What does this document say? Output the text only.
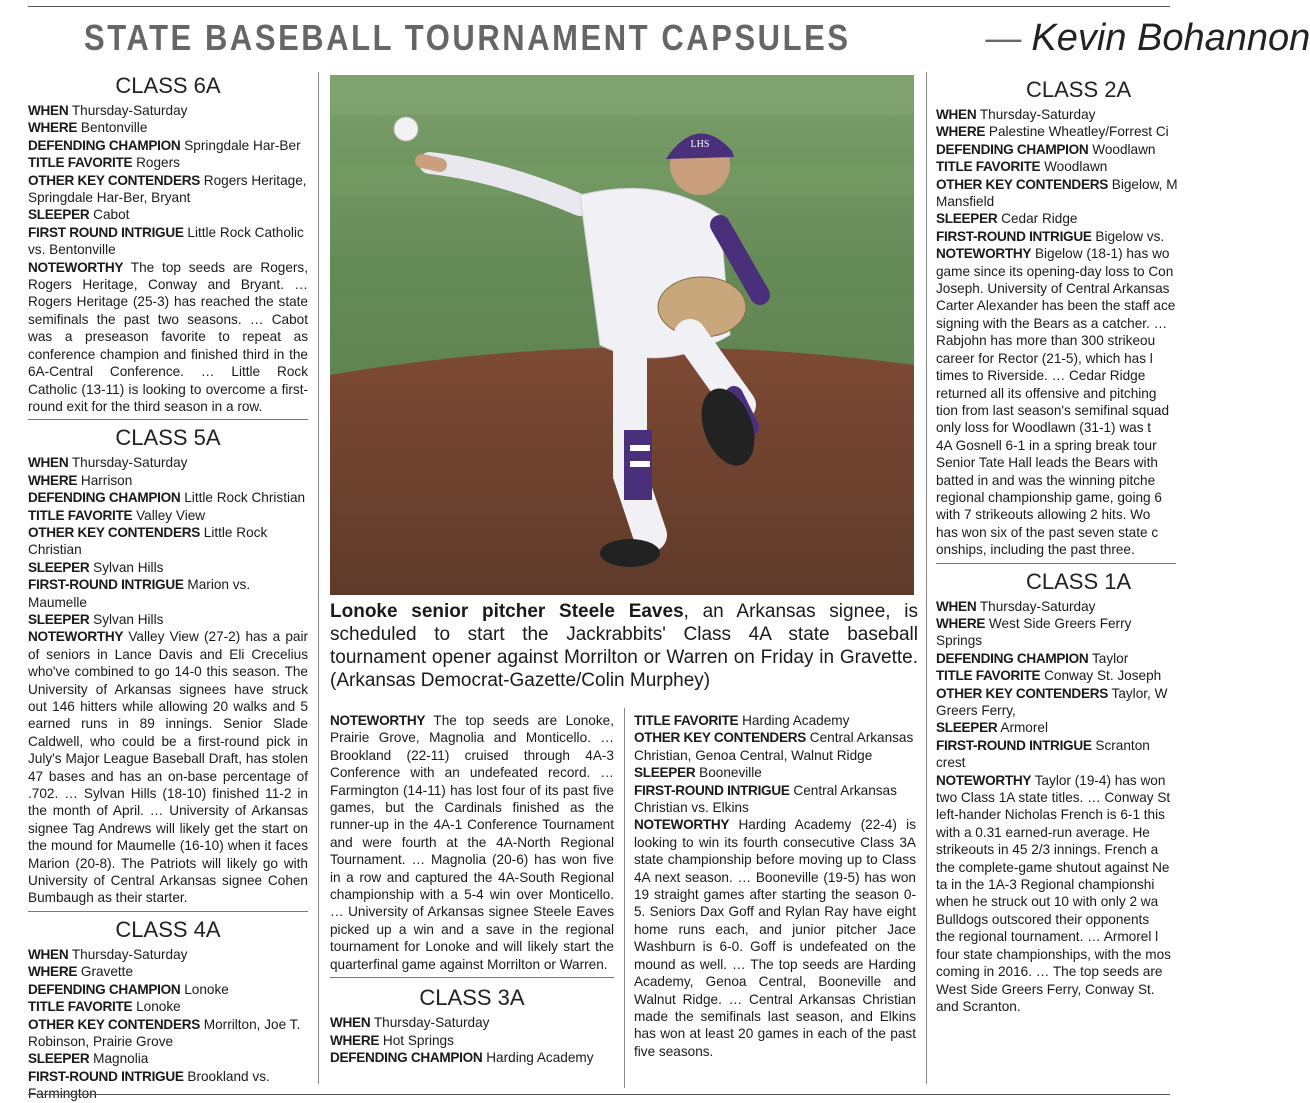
STATE BASEBALL TOURNAMENT CAPSULES	— Kevin Bohannon
CLASS 6A

WHEN Thursday-Saturday

WHERE Bentonville

DEFENDING CHAMPION Springdale Har-Ber

TITLE FAVORITE Rogers

OTHER KEY CONTENDERS Rogers Heritage, Springdale Har-Ber, Bryant

SLEEPER Cabot

FIRST ROUND INTRIGUE Little Rock Catholic vs. Bentonville

NOTEWORTHY The top seeds are Rogers, Rogers Heritage, Conway and Bryant. … Rogers Heritage (25-3) has reached the state semifinals the past two seasons. … Cabot was a preseason favorite to repeat as conference champion and finished third in the 6A-Central Conference. … Little Rock Catholic (13-11) is looking to overcome a first-round exit for the third season in a row.

CLASS 5A

WHEN Thursday-Saturday

WHERE Harrison

DEFENDING CHAMPION Little Rock Christian

TITLE FAVORITE Valley View

OTHER KEY CONTENDERS Little Rock Christian

SLEEPER Sylvan Hills

FIRST-ROUND INTRIGUE Marion vs. Maumelle

SLEEPER Sylvan Hills

NOTEWORTHY Valley View (27-2) has a pair of seniors in Lance Davis and Eli Crecelius who've combined to go 14-0 this season. The University of Arkansas signees have struck out 146 hitters while allowing 20 walks and 5 earned runs in 89 innings. Senior Slade Caldwell, who could be a first-round pick in July's Major League Baseball Draft, has stolen 47 bases and has an on-base percentage of .702. … Sylvan Hills (18-10) finished 11-2 in the month of April. … University of Arkansas signee Tag Andrews will likely get the start on the mound for Maumelle (16-10) when it faces Marion (20-8). The Patriots will likely go with University of Central Arkansas signee Cohen Bumbaugh as their starter.

CLASS 4A

WHEN Thursday-Saturday

WHERE Gravette

DEFENDING CHAMPION Lonoke

TITLE FAVORITE Lonoke

OTHER KEY CONTENDERS Morrilton, Joe T. Robinson, Prairie Grove

SLEEPER Magnolia

FIRST-ROUND INTRIGUE Brookland vs. Farmington

LHS
Lonoke senior pitcher Steele Eaves, an Arkansas signee, is scheduled to start the Jackrabbits' Class 4A state baseball tournament opener against Morrilton or Warren on Friday in Gravette. (Arkansas Democrat-Gazette/Colin Murphey)

NOTEWORTHY The top seeds are Lonoke, Prairie Grove, Magnolia and Monticello. … Brookland (22-11) cruised through 4A-3 Conference with an undefeated record. … Farmington (14-11) has lost four of its past five games, but the Cardinals finished as the runner-up in the 4A-1 Conference Tournament and were fourth at the 4A-North Regional Tournament. … Magnolia (20-6) has won five in a row and captured the 4A-South Regional championship with a 5-4 win over Monticello. … University of Arkansas signee Steele Eaves picked up a win and a save in the regional tournament for Lonoke and will likely start the quarterfinal game against Morrilton or Warren.

CLASS 3A

WHEN Thursday-Saturday

WHERE Hot Springs

DEFENDING CHAMPION Harding Academy

TITLE FAVORITE Harding Academy

OTHER KEY CONTENDERS Central Arkansas Christian, Genoa Central, Walnut Ridge

SLEEPER Booneville

FIRST-ROUND INTRIGUE Central Arkansas Christian vs. Elkins

NOTEWORTHY Harding Academy (22-4) is looking to win its fourth consecutive Class 3A state championship before moving up to Class 4A next season. … Booneville (19-5) has won 19 straight games after starting the season 0-5. Seniors Dax Goff and Rylan Ray have eight home runs each, and junior pitcher Jace Washburn is 6-0. Goff is undefeated on the mound as well. … The top seeds are Harding Academy, Genoa Central, Booneville and Walnut Ridge. … Central Arkansas Christian made the semifinals last season, and Elkins has won at least 20 games in each of the past five seasons.

CLASS 2A
WHEN Thursday-Saturday
WHERE Palestine Wheatley/Forrest Ci
DEFENDING CHAMPION Woodlawn
TITLE FAVORITE Woodlawn
OTHER KEY CONTENDERS Bigelow, M
Mansfield
SLEEPER Cedar Ridge
FIRST-ROUND INTRIGUE Bigelow vs.
NOTEWORTHY Bigelow (18-1) has wo
game since its opening-day loss to Con
Joseph. University of Central Arkansas
Carter Alexander has been the staff ace
signing with the Bears as a catcher. …
Rabjohn has more than 300 strikeou
career for Rector (21-5), which has l
times to Riverside. … Cedar Ridge
returned all its offensive and pitching
tion from last season's semifinal squad
only loss for Woodlawn (31-1) was t
4A Gosnell 6-1 in a spring break tour
Senior Tate Hall leads the Bears with
batted in and was the winning pitche
regional championship game, going 6
with 7 strikeouts allowing 2 hits. Wo
has won six of the past seven state c
onships, including the past three.
CLASS 1A
WHEN Thursday-Saturday
WHERE West Side Greers Ferry
Springs
DEFENDING CHAMPION Taylor
TITLE FAVORITE Conway St. Joseph
OTHER KEY CONTENDERS Taylor, W
Greers Ferry,
SLEEPER Armorel
FIRST-ROUND INTRIGUE Scranton
crest
NOTEWORTHY Taylor (19-4) has won
two Class 1A state titles. … Conway St
left-hander Nicholas French is 6-1 this
with a 0.31 earned-run average. He
strikeouts in 45 2/3 innings. French a
the complete-game shutout against Ne
ta in the 1A-3 Regional championshi
when he struck out 10 with only 2 wa
Bulldogs outscored their opponents
the regional tournament. … Armorel l
four state championships, with the mos
coming in 2016. … The top seeds are
West Side Greers Ferry, Conway St.
and Scranton.
